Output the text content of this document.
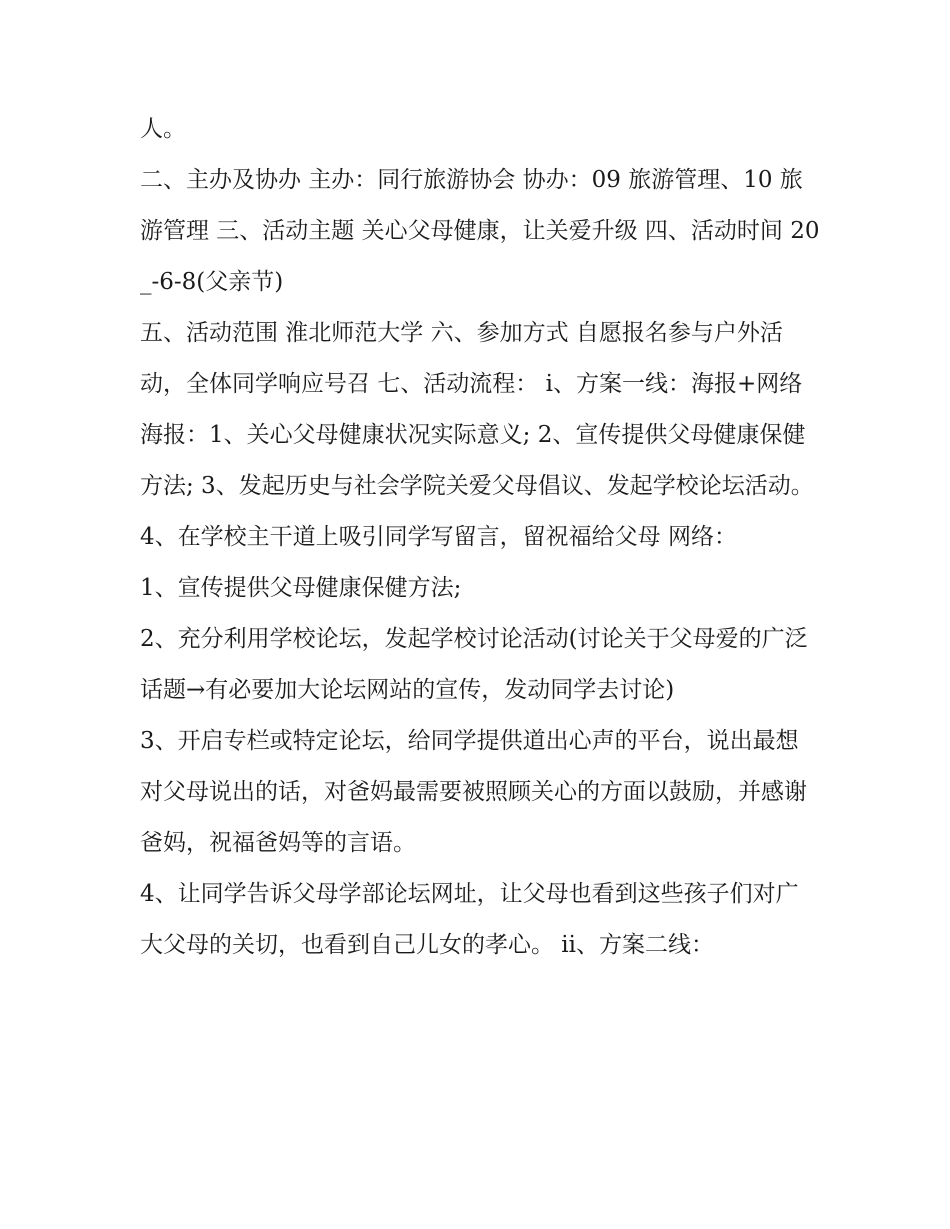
人。

二、主办及协办 主办：同行旅游协会 协办：09 旅游管理、10 旅游管理 三、活动主题 关心父母健康，让关爱升级 四、活动时间 20_-6-8(父亲节)

五、活动范围 淮北师范大学 六、参加方式 自愿报名参与户外活动，全体同学响应号召 七、活动流程： ⅰ、方案一线：海报+网络

海报：1、关心父母健康状况实际意义; 2、宣传提供父母健康保健方法; 3、发起历史与社会学院关爱父母倡议、发起学校论坛活动。

4、在学校主干道上吸引同学写留言，留祝福给父母 网络：

1、宣传提供父母健康保健方法;

2、充分利用学校论坛，发起学校讨论活动(讨论关于父母爱的广泛话题→有必要加大论坛网站的宣传，发动同学去讨论)

3、开启专栏或特定论坛，给同学提供道出心声的平台，说出最想对父母说出的话，对爸妈最需要被照顾关心的方面以鼓励，并感谢爸妈，祝福爸妈等的言语。

4、让同学告诉父母学部论坛网址，让父母也看到这些孩子们对广大父母的关切，也看到自己儿女的孝心。 ⅱ、方案二线：
